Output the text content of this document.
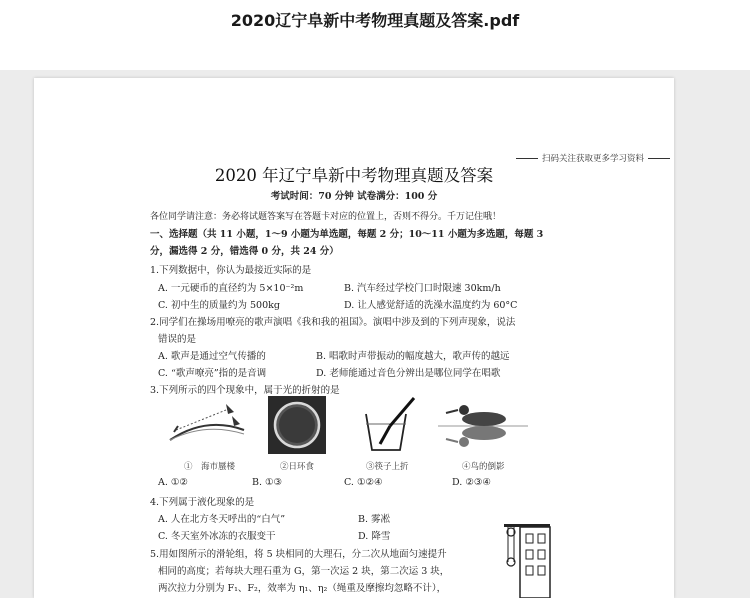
2020辽宁阜新中考物理真题及答案.pdf
扫码关注获取更多学习资料
2020 年辽宁阜新中考物理真题及答案
考试时间：70 分钟 试卷满分：100 分
各位同学请注意：务必将试题答案写在答题卡对应的位置上，否则不得分。千万记住哦！
一、选择题（共 11 小题，1～9 小题为单选题，每题 2 分；10～11 小题为多选题，每题 3
分，漏选得 2 分，错选得 0 分，共 24 分）
1.下列数据中，你认为最接近实际的是
A. 一元硬币的直径约为 5×10⁻²m	B. 汽车经过学校门口时限速 30km/h
C. 初中生的质量约为 500kg	D. 让人感觉舒适的洗澡水温度约为 60°C
2.同学们在操场用嘹亮的歌声演唱《我和我的祖国》。演唱中涉及到的下列声现象，说法
错误的是
A. 歌声是通过空气传播的	B. 唱歌时声带振动的幅度越大，歌声传的越远
C. “歌声嘹亮”指的是音调	D. 老师能通过音色分辨出是哪位同学在唱歌
3.下列所示的四个现象中，属于光的折射的是
①　海市蜃楼	②日环食	③筷子上折	④鸟的倒影
A. ①②	B. ①③	C. ①②④	D. ②③④
4.下列属于液化现象的是
A. 人在北方冬天呼出的“白气”	B. 雾凇
C. 冬天室外冰冻的衣服变干	D. 降雪
5.用如图所示的滑轮组，将 5 块相同的大理石，分二次从地面匀速提升
相同的高度；若每块大理石重为 G，第一次运 2 块，第二次运 3 块，
两次拉力分别为 F₁、F₂，效率为 η₁、η₂（绳重及摩擦均忽略不计），
